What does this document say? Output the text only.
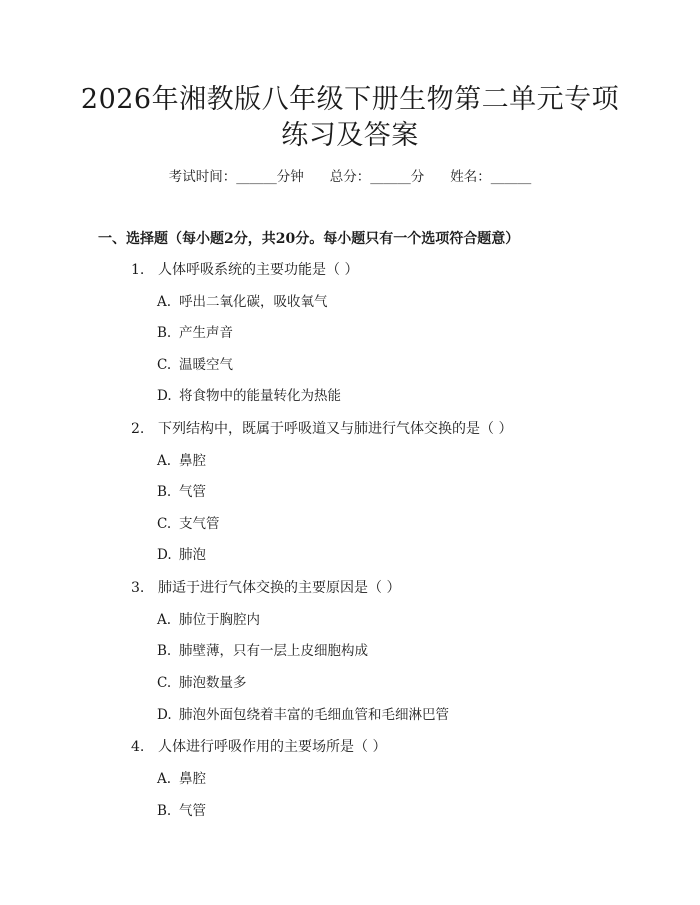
2026年湘教版八年级下册生物第二单元专项
练习及答案
考试时间：______分钟 总分：______分 姓名：______
一、选择题（每小题2分，共20分。每小题只有一个选项符合题意）
1. 人体呼吸系统的主要功能是（ ）
A. 呼出二氧化碳，吸收氧气
B. 产生声音
C. 温暖空气
D. 将食物中的能量转化为热能
2. 下列结构中，既属于呼吸道又与肺进行气体交换的是（ ）
A. 鼻腔
B. 气管
C. 支气管
D. 肺泡
3. 肺适于进行气体交换的主要原因是（ ）
A. 肺位于胸腔内
B. 肺壁薄，只有一层上皮细胞构成
C. 肺泡数量多
D. 肺泡外面包绕着丰富的毛细血管和毛细淋巴管
4. 人体进行呼吸作用的主要场所是（ ）
A. 鼻腔
B. 气管
